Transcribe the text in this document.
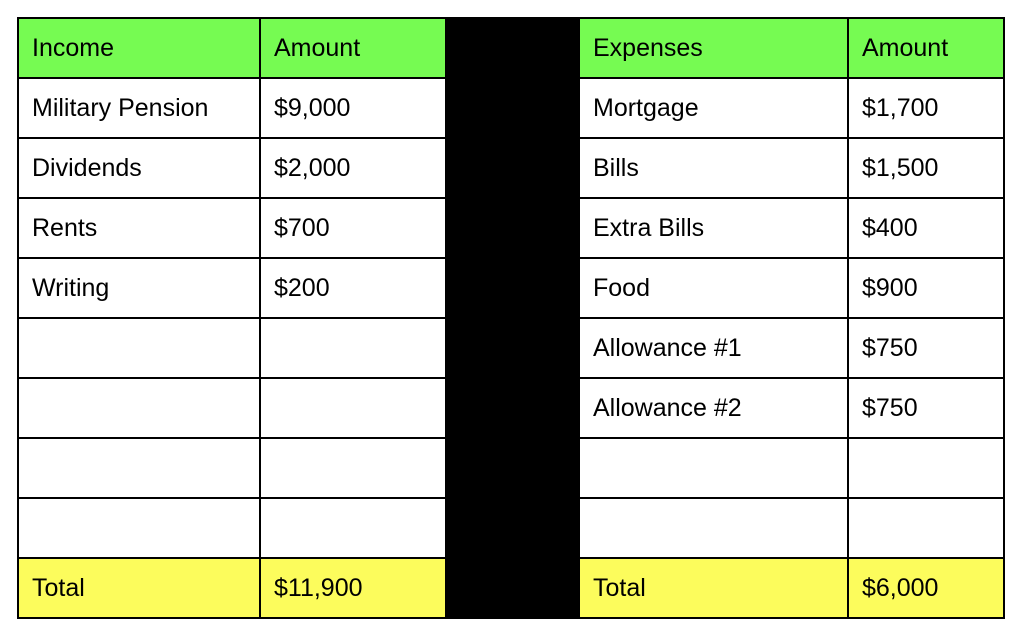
Income	Amount
Military Pension	$9,000
Dividends	$2,000
Rents	$700
Writing	$200
Total	$11,900
Expenses	Amount
Mortgage	$1,700
Bills	$1,500
Extra Bills	$400
Food	$900
Allowance #1	$750
Allowance #2	$750
Total	$6,000
